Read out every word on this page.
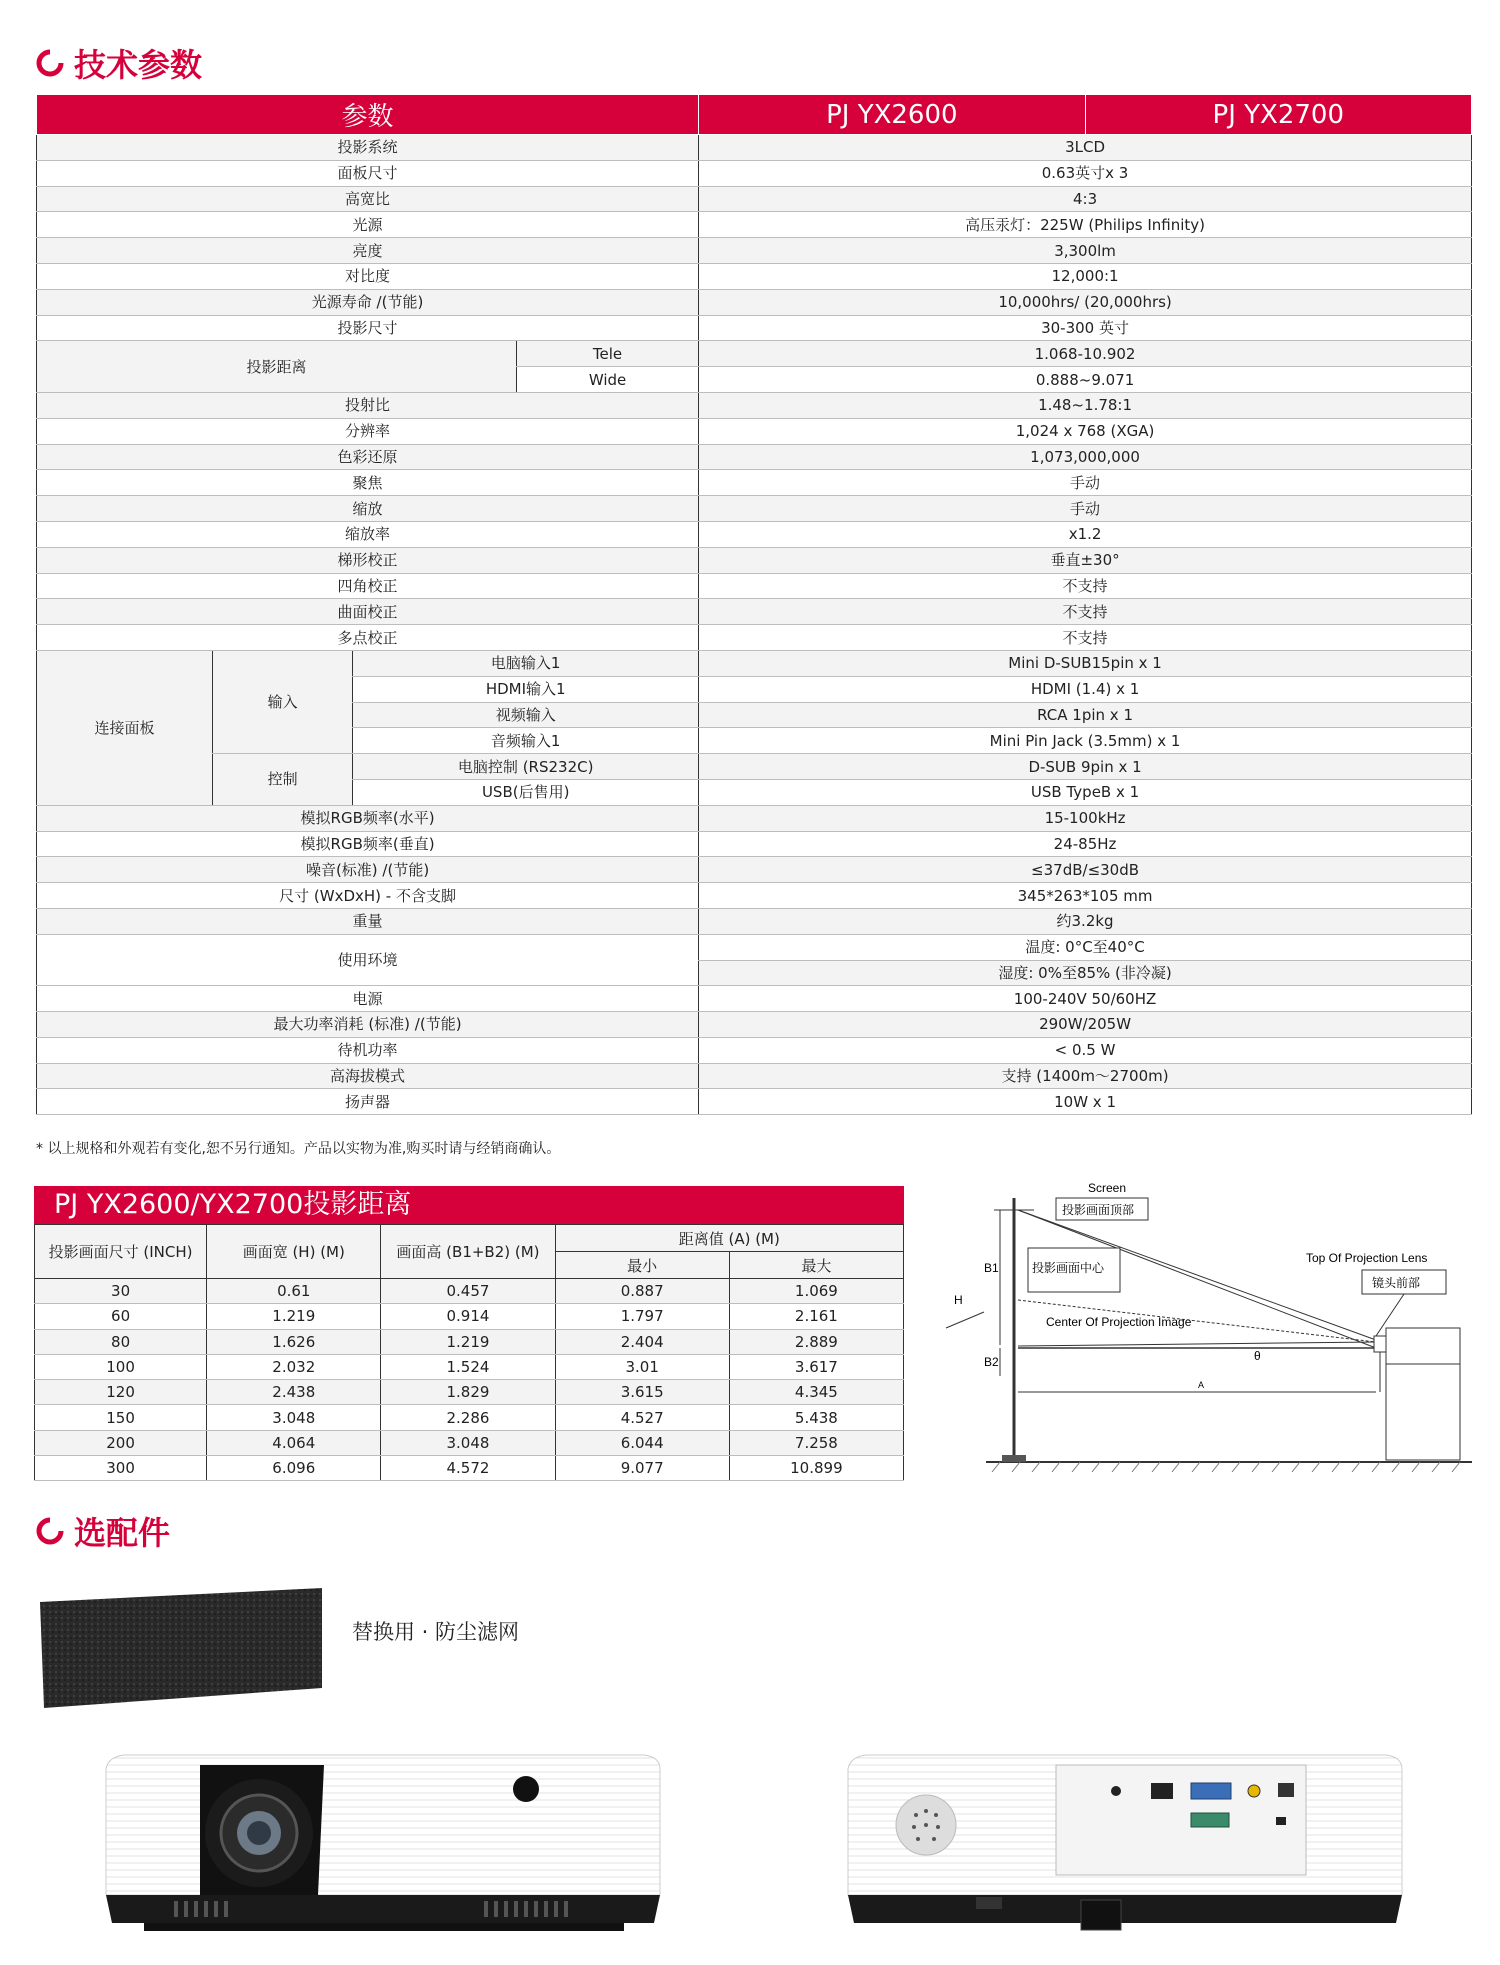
技术参数
参数				PJ YX2600	PJ YX2700
投影系统				3LCD	
面板尺寸				0.63英寸x 3	
高宽比				4:3	
光源				高压汞灯：225W (Philips Infinity)	
亮度				3,300lm	
对比度				12,000:1	
光源寿命 /(节能)				10,000hrs/ (20,000hrs)	
投影尺寸				30-300 英寸	
投影距离			Tele	1.068-10.902	
			Wide	0.888~9.071	
投射比				1.48~1.78:1	
分辨率				1,024 x 768 (XGA)	
色彩还原				1,073,000,000	
聚焦				手动	
缩放				手动	
缩放率				x1.2	
梯形校正				垂直±30°	
四角校正				不支持	
曲面校正				不支持	
多点校正				不支持	
连接面板	输入	电脑输入1		Mini D-SUB15pin x 1	
		HDMI输入1		HDMI (1.4) x 1	
		视频输入		RCA 1pin x 1	
		音频输入1		Mini Pin Jack (3.5mm) x 1	
	控制	电脑控制 (RS232C)		D-SUB 9pin x 1	
		USB(后售用)		USB TypeB x 1	
模拟RGB频率(水平)				15-100kHz	
模拟RGB频率(垂直)				24-85Hz	
噪音(标准) /(节能)				≤37dB/≤30dB	
尺寸 (WxDxH) - 不含支脚				345*263*105 mm	
重量				约3.2kg	
使用环境				温度: 0°C至40°C	
				湿度: 0%至85% (非冷凝)	
电源				100-240V 50/60HZ	
最大功率消耗 (标准) /(节能)				290W/205W	
待机功率				< 0.5 W	
高海拔模式				支持 (1400m～2700m)	
扬声器				10W x 1	
* 以上规格和外观若有变化,恕不另行通知。产品以实物为准,购买时请与经销商确认。
PJ YX2600/YX2700投影距离
投影画面尺寸 (INCH)	画面宽 (H) (M)	画面高 (B1+B2) (M)	距离值 (A) (M)	
			最小	最大
30	0.61	0.457	0.887	1.069
60	1.219	0.914	1.797	2.161
80	1.626	1.219	2.404	2.889
100	2.032	1.524	3.01	3.617
120	2.438	1.829	3.615	4.345
150	3.048	2.286	4.527	5.438
200	4.064	3.048	6.044	7.258
300	6.096	4.572	9.077	10.899
B1
B2
H
A
θ
Screen
投影画面顶部
投影画面中心
Center Of Projection Image
Top Of Projection Lens
镜头前部
选配件
替换用 · 防尘滤网
